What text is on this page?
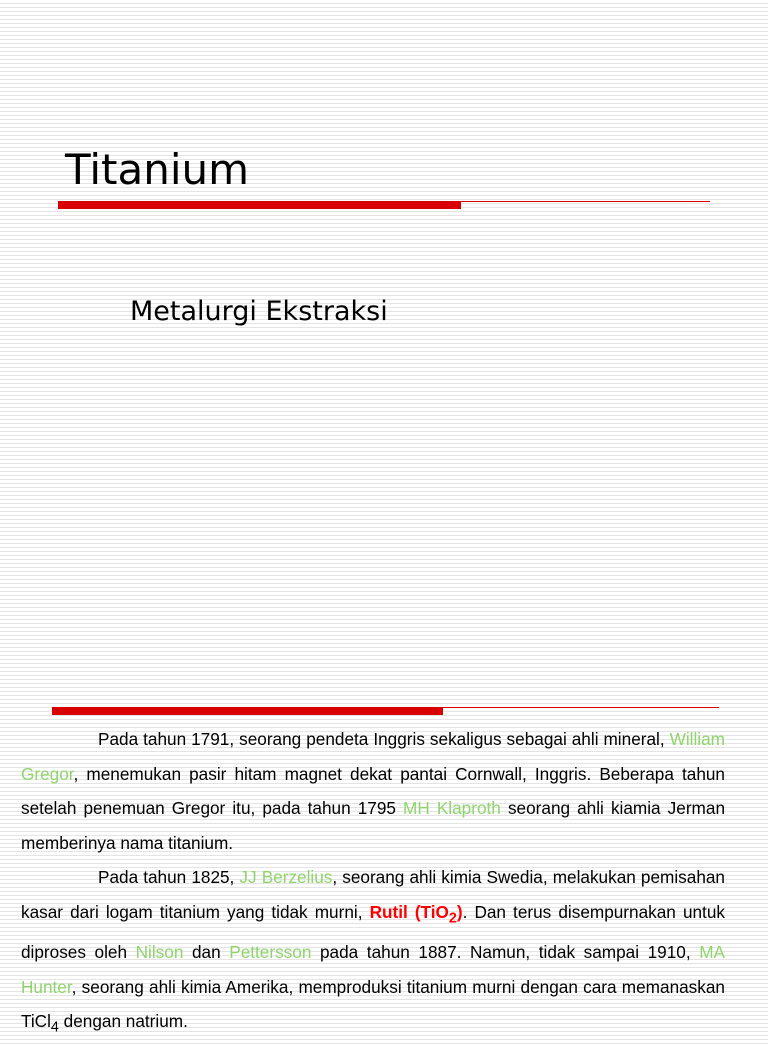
Titanium
Metalurgi Ekstraksi

Pada tahun 1791, seorang pendeta Inggris sekaligus sebagai ahli mineral, William Gregor, menemukan pasir hitam magnet dekat pantai Cornwall, Inggris. Beberapa tahun setelah penemuan Gregor itu, pada tahun 1795 MH Klaproth seorang ahli kiamia Jerman memberinya nama titanium.

Pada tahun 1825, JJ Berzelius, seorang ahli kimia Swedia, melakukan pemisahan kasar dari logam titanium yang tidak murni, Rutil (TiO$_2$). Dan terus disempurnakan untuk diproses oleh Nilson dan Pettersson pada tahun 1887. Namun, tidak sampai 1910, MA Hunter, seorang ahli kimia Amerika, memproduksi titanium murni dengan cara memanaskan TiCl$_4$ dengan natrium.
